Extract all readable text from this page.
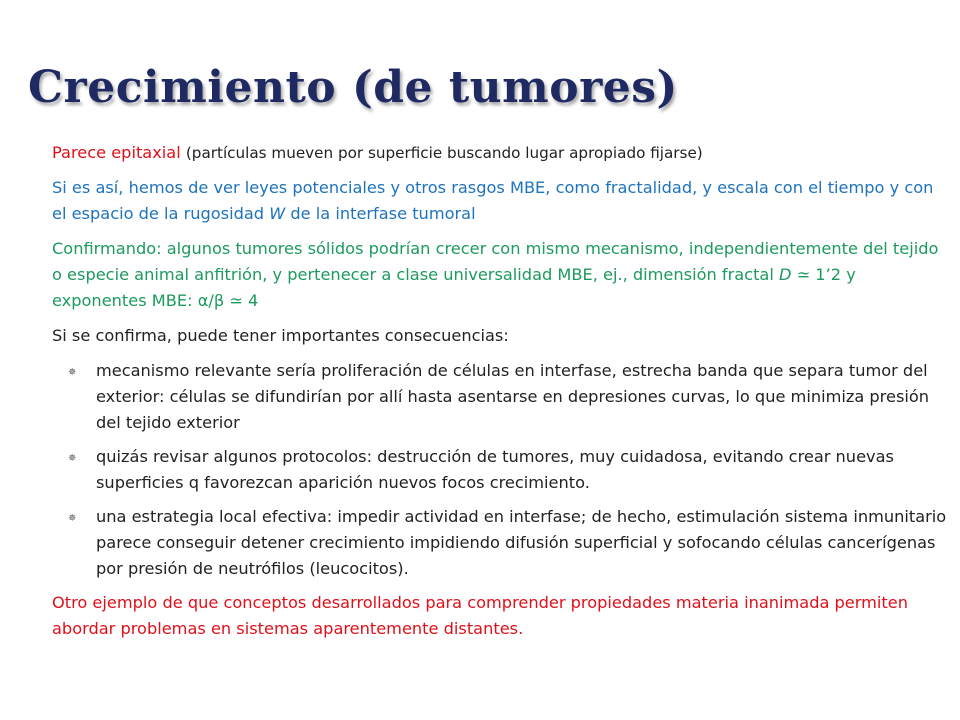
Crecimiento (de tumores)

Parece epitaxial (partículas mueven por superficie buscando lugar apropiado fijarse)

Si es así, hemos de ver leyes potenciales y otros rasgos MBE, como fractalidad, y escala con el tiempo y con el espacio de la rugosidad W de la interfase tumoral

Confirmando: algunos tumores sólidos podrían crecer con mismo mecanismo, independientemente del tejido o especie animal anfitrión, y pertenecer a clase universalidad MBE, ej., dimensión fractal D ≃ 1’2 y exponentes MBE: α/β ≃ 4

Si se confirma, puede tener importantes consecuencias:

✵ mecanismo relevante sería proliferación de células en interfase, estrecha banda que separa tumor del exterior: células se difundirían por allí hasta asentarse en depresiones curvas, lo que minimiza presión del tejido exterior
✵ quizás revisar algunos protocolos: destrucción de tumores, muy cuidadosa, evitando crear nuevas superficies q favorezcan aparición nuevos focos crecimiento.
✵ una estrategia local efectiva: impedir actividad en interfase; de hecho, estimulación sistema inmunitario parece conseguir detener crecimiento impidiendo difusión superficial y sofocando células cancerígenas por presión de neutrófilos (leucocitos).

Otro ejemplo de que conceptos desarrollados para comprender propiedades materia inanimada permiten abordar problemas en sistemas aparentemente distantes.
